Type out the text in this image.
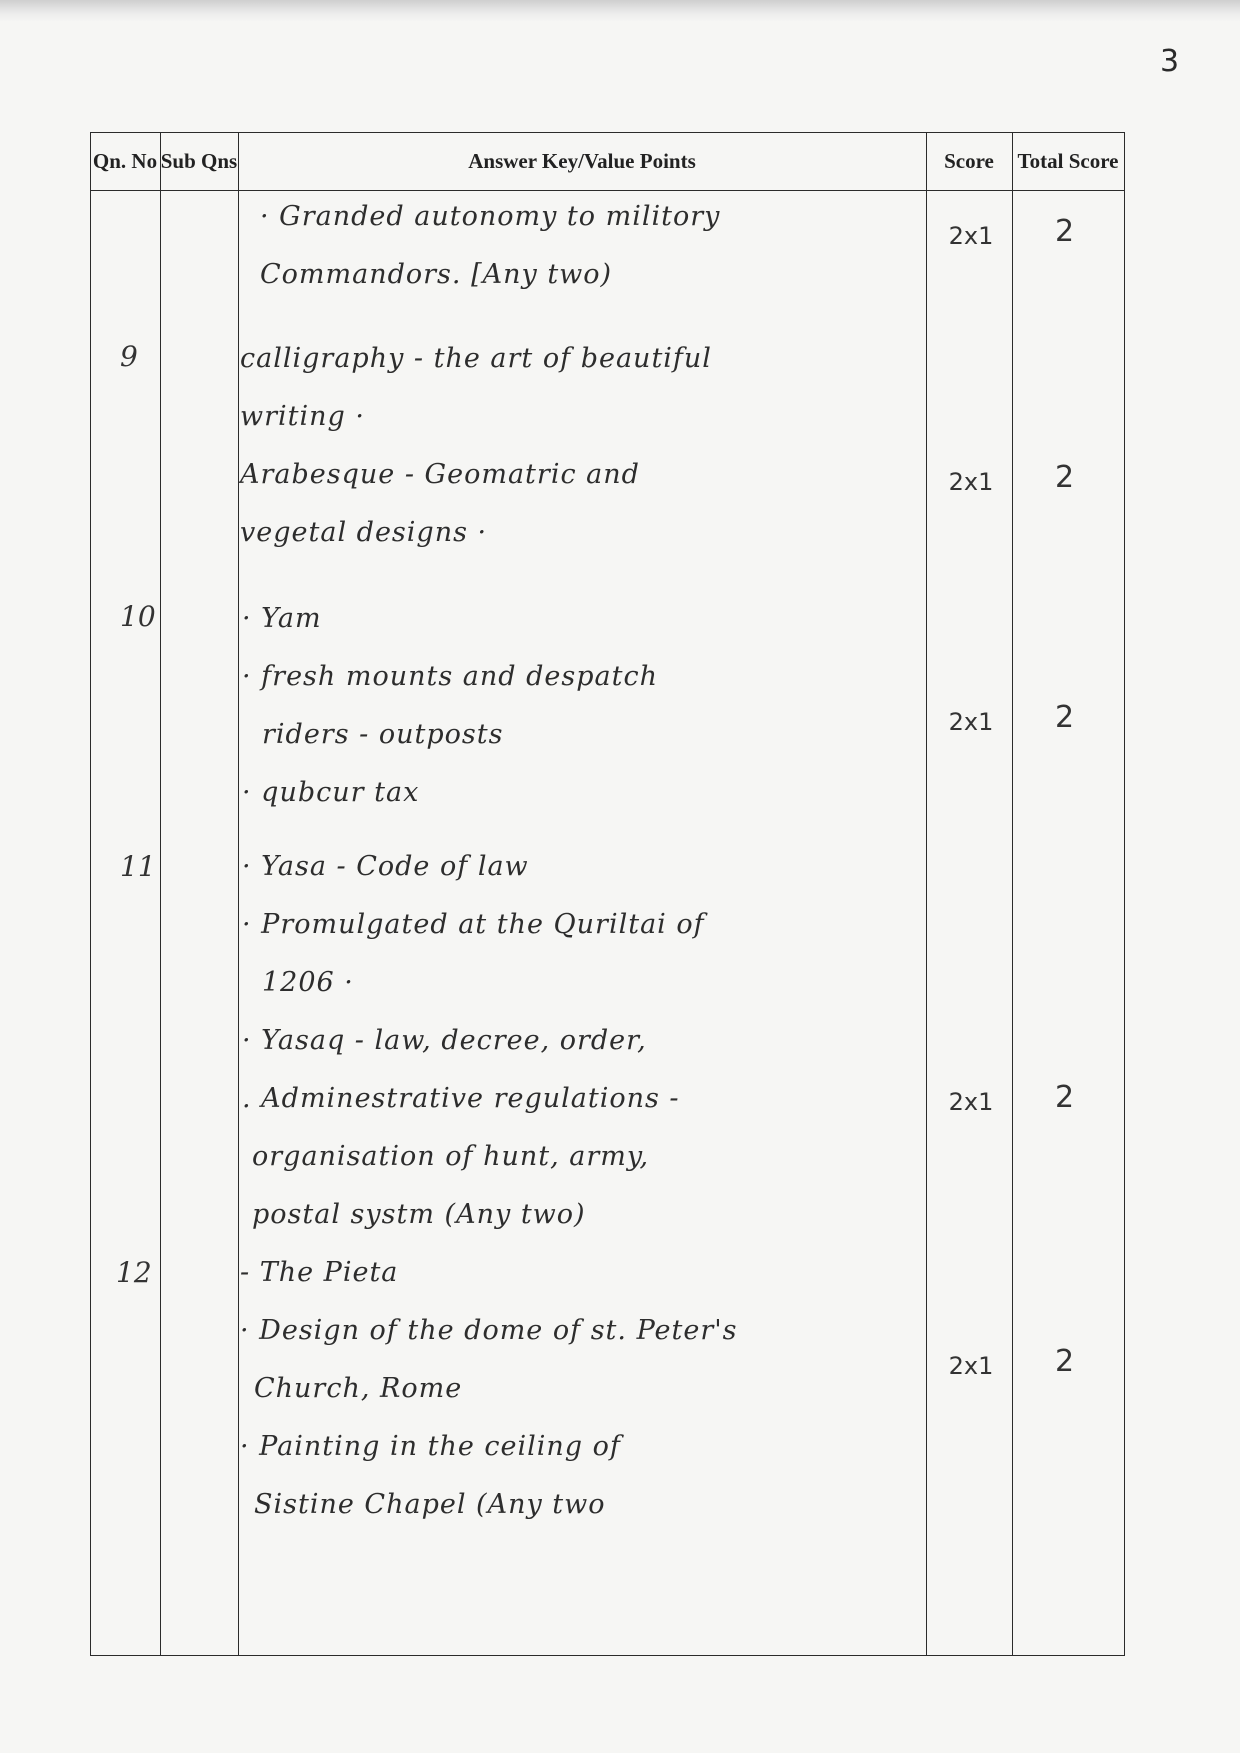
3
Qn. No Sub Qns	Answer Key/Value Points	Score	Total Score
· Granded autonomy to militory
Commandors. [Any two)
2x1	2
9	calligraphy - the art of beautiful
writing ·
Arabesque - Geomatric and
vegetal designs ·
2x1	2
10	· Yam
· fresh mounts and despatch
riders - outposts
· qubcur tax
2x1	2
11	· Yasa - Code of law
· Promulgated at the Quriltai of
1206 ·
· Yasaq - law, decree, order,
. Adminestrative regulations -
organisation of hunt, army,
postal systm (Any two)
2x1	2
12	- The Pieta
· Design of the dome of st. Peter's
Church, Rome
· Painting in the ceiling of
Sistine Chapel (Any two
2x1	2
